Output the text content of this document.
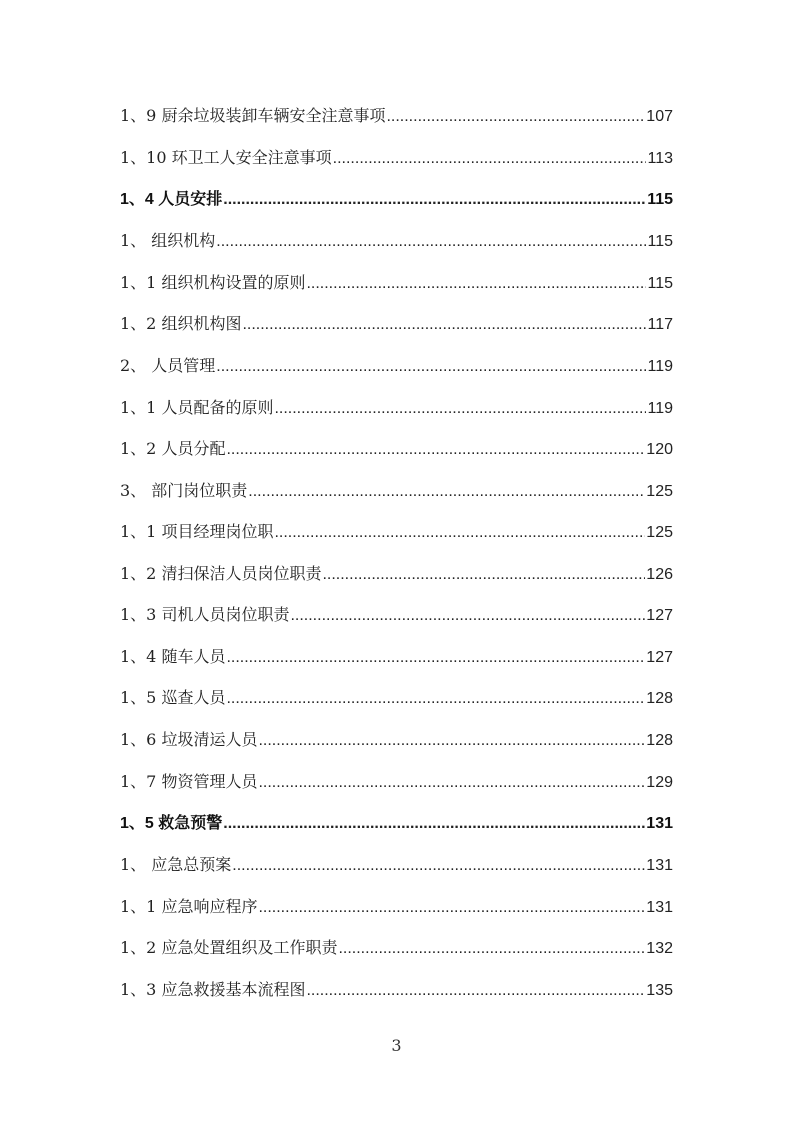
1、9 厨余垃圾装卸车辆安全注意事项 .....	107
1、10 环卫工人安全注意事项 .....	113
1、4 人员安排 .....	115
1、 组织机构 .....	115
1、1 组织机构设置的原则 .....	115
1、2 组织机构图 .....	117
2、 人员管理 .....	119
1、1 人员配备的原则 .....	119
1、2 人员分配 .....	120
3、 部门岗位职责 .....	125
1、1 项目经理岗位职 .....	125
1、2 清扫保洁人员岗位职责 .....	126
1、3 司机人员岗位职责 .....	127
1、4 随车人员 .....	127
1、5 巡查人员 .....	128
1、6 垃圾清运人员 .....	128
1、7 物资管理人员 .....	129
1、5 救急预警 .....	131
1、 应急总预案 .....	131
1、1 应急响应程序 .....	131
1、2 应急处置组织及工作职责 .....	132
1、3 应急救援基本流程图 .....	135
3
